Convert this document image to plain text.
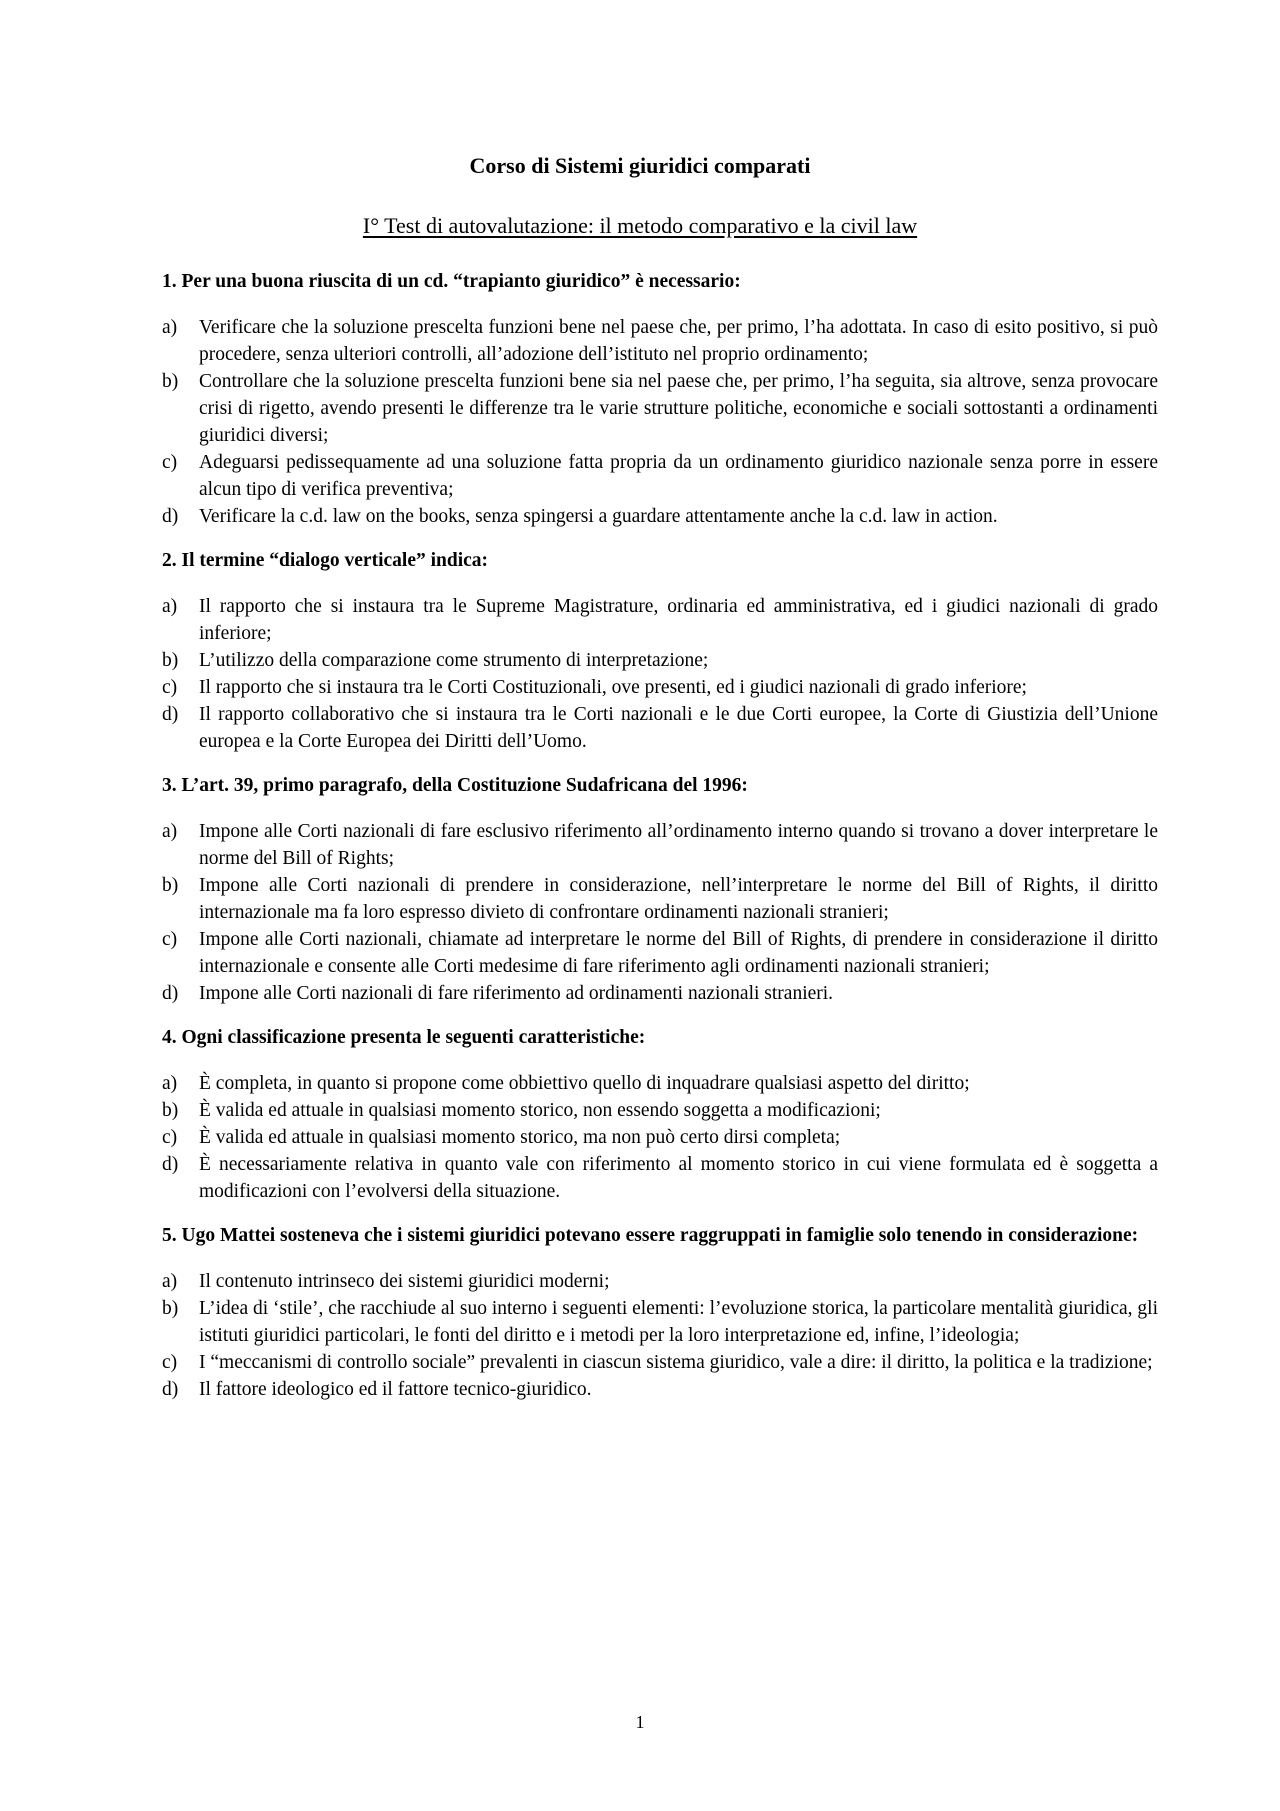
Corso di Sistemi giuridici comparati
I° Test di autovalutazione: il metodo comparativo e la civil law

1. Per una buona riuscita di un cd. “trapianto giuridico” è necessario:

a) Verificare che la soluzione prescelta funzioni bene nel paese che, per primo, l’ha adottata. In caso di esito positivo, si può procedere, senza ulteriori controlli, all’adozione dell’istituto nel proprio ordinamento;
b) Controllare che la soluzione prescelta funzioni bene sia nel paese che, per primo, l’ha seguita, sia altrove, senza provocare crisi di rigetto, avendo presenti le differenze tra le varie strutture politiche, economiche e sociali sottostanti a ordinamenti giuridici diversi;
c) Adeguarsi pedissequamente ad una soluzione fatta propria da un ordinamento giuridico nazionale senza porre in essere alcun tipo di verifica preventiva;
d) Verificare la c.d. law on the books, senza spingersi a guardare attentamente anche la c.d. law in action.

2. Il termine “dialogo verticale” indica:

a) Il rapporto che si instaura tra le Supreme Magistrature, ordinaria ed amministrativa, ed i giudici nazionali di grado inferiore;
b) L’utilizzo della comparazione come strumento di interpretazione;
c) Il rapporto che si instaura tra le Corti Costituzionali, ove presenti, ed i giudici nazionali di grado inferiore;
d) Il rapporto collaborativo che si instaura tra le Corti nazionali e le due Corti europee, la Corte di Giustizia dell’Unione europea e la Corte Europea dei Diritti dell’Uomo.

3. L’art. 39, primo paragrafo, della Costituzione Sudafricana del 1996:

a) Impone alle Corti nazionali di fare esclusivo riferimento all’ordinamento interno quando si trovano a dover interpretare le norme del Bill of Rights;
b) Impone alle Corti nazionali di prendere in considerazione, nell’interpretare le norme del Bill of Rights, il diritto internazionale ma fa loro espresso divieto di confrontare ordinamenti nazionali stranieri;
c) Impone alle Corti nazionali, chiamate ad interpretare le norme del Bill of Rights, di prendere in considerazione il diritto internazionale e consente alle Corti medesime di fare riferimento agli ordinamenti nazionali stranieri;
d) Impone alle Corti nazionali di fare riferimento ad ordinamenti nazionali stranieri.

4. Ogni classificazione presenta le seguenti caratteristiche:

a) È completa, in quanto si propone come obbiettivo quello di inquadrare qualsiasi aspetto del diritto;
b) È valida ed attuale in qualsiasi momento storico, non essendo soggetta a modificazioni;
c) È valida ed attuale in qualsiasi momento storico, ma non può certo dirsi completa;
d) È necessariamente relativa in quanto vale con riferimento al momento storico in cui viene formulata ed è soggetta a modificazioni con l’evolversi della situazione.

5. Ugo Mattei sosteneva che i sistemi giuridici potevano essere raggruppati in famiglie solo tenendo in considerazione:

a) Il contenuto intrinseco dei sistemi giuridici moderni;
b) L’idea di ‘stile’, che racchiude al suo interno i seguenti elementi: l’evoluzione storica, la particolare mentalità giuridica, gli istituti giuridici particolari, le fonti del diritto e i metodi per la loro interpretazione ed, infine, l’ideologia;
c) I “meccanismi di controllo sociale” prevalenti in ciascun sistema giuridico, vale a dire: il diritto, la politica e la tradizione;
d) Il fattore ideologico ed il fattore tecnico-giuridico.
1
